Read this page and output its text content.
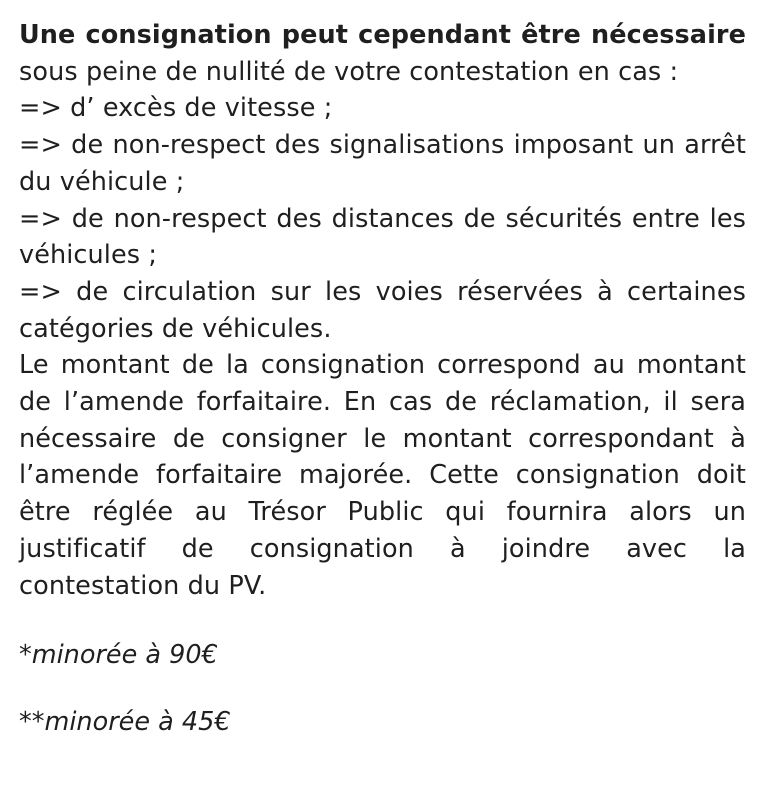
Une consignation peut cependant être nécessaire sous peine de nullité de votre contestation en cas :

=> d’ excès de vitesse ;

=> de non-respect des signalisations imposant un arrêt du véhicule ;

=> de non-respect des distances de sécurités entre les véhicules ;

=> de circulation sur les voies réservées à certaines catégories de véhicules.

Le montant de la consignation correspond au montant de l’amende forfaitaire. En cas de réclamation, il sera nécessaire de consigner le montant correspondant à l’amende forfaitaire majorée. Cette consignation doit être réglée au Trésor Public qui fournira alors un justificatif de consignation à joindre avec la contestation du PV.

*minorée à 90€

**minorée à 45€
